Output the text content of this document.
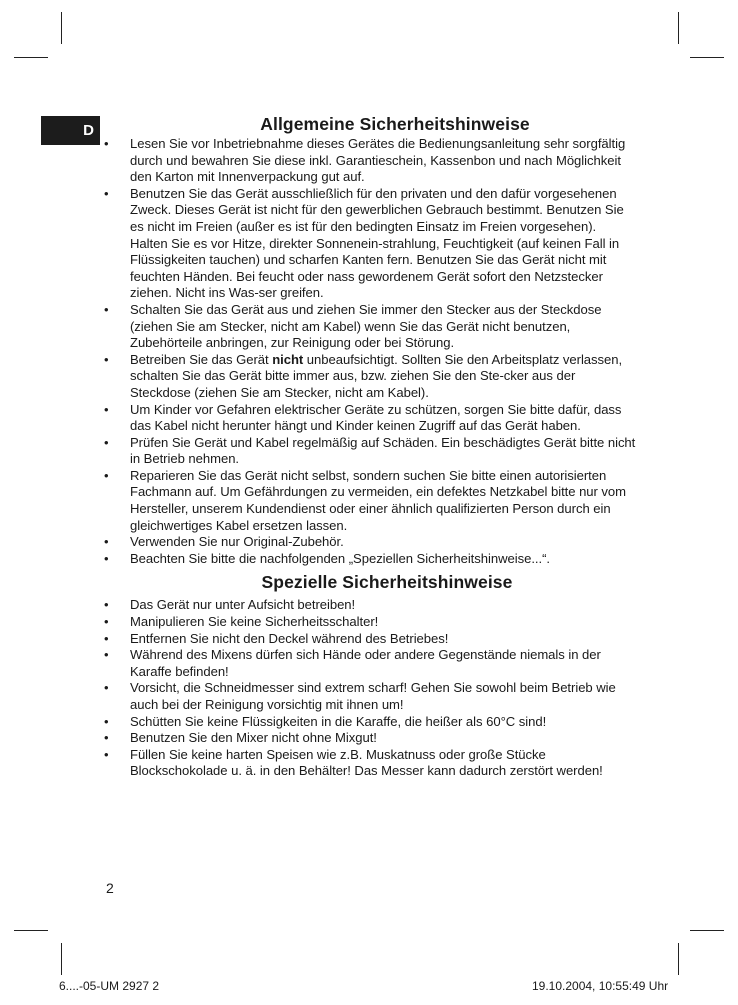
D	Allgemeine Sicherheitshinweise
• Lesen Sie vor Inbetriebnahme dieses Gerätes die Bedienungsanleitung sehr sorgfältig durch und bewahren Sie diese inkl. Garantieschein, Kassenbon und nach Möglichkeit den Karton mit Innenverpackung gut auf.
• Benutzen Sie das Gerät ausschließlich für den privaten und den dafür vorgesehenen Zweck. Dieses Gerät ist nicht für den gewerblichen Gebrauch bestimmt. Benutzen Sie es nicht im Freien (außer es ist für den bedingten Einsatz im Freien vorgesehen). Halten Sie es vor Hitze, direkter Sonnenein-strahlung, Feuchtigkeit (auf keinen Fall in Flüssigkeiten tauchen) und scharfen Kanten fern. Benutzen Sie das Gerät nicht mit feuchten Händen. Bei feucht oder nass gewordenem Gerät sofort den Netzstecker ziehen. Nicht ins Was-ser greifen.
• Schalten Sie das Gerät aus und ziehen Sie immer den Stecker aus der Steckdose (ziehen Sie am Stecker, nicht am Kabel) wenn Sie das Gerät nicht benutzen, Zubehörteile anbringen, zur Reinigung oder bei Störung.
• Betreiben Sie das Gerät nicht unbeaufsichtigt. Sollten Sie den Arbeitsplatz verlassen, schalten Sie das Gerät bitte immer aus, bzw. ziehen Sie den Ste-cker aus der Steckdose (ziehen Sie am Stecker, nicht am Kabel).
• Um Kinder vor Gefahren elektrischer Geräte zu schützen, sorgen Sie bitte dafür, dass das Kabel nicht herunter hängt und Kinder keinen Zugriff auf das Gerät haben.
• Prüfen Sie Gerät und Kabel regelmäßig auf Schäden. Ein beschädigtes Gerät bitte nicht in Betrieb nehmen.
• Reparieren Sie das Gerät nicht selbst, sondern suchen Sie bitte einen autorisierten Fachmann auf. Um Gefährdungen zu vermeiden, ein defektes Netzkabel bitte nur vom Hersteller, unserem Kundendienst oder einer ähnlich qualifizierten Person durch ein gleichwertiges Kabel ersetzen lassen.
• Verwenden Sie nur Original-Zubehör.
• Beachten Sie bitte die nachfolgenden „Speziellen Sicherheitshinweise...“.
Spezielle Sicherheitshinweise
• Das Gerät nur unter Aufsicht betreiben!
• Manipulieren Sie keine Sicherheitsschalter!
• Entfernen Sie nicht den Deckel während des Betriebes!
• Während des Mixens dürfen sich Hände oder andere Gegenstände niemals in der Karaffe befinden!
• Vorsicht, die Schneidmesser sind extrem scharf! Gehen Sie sowohl beim Betrieb wie auch bei der Reinigung vorsichtig mit ihnen um!
• Schütten Sie keine Flüssigkeiten in die Karaffe, die heißer als 60°C sind!
• Benutzen Sie den Mixer nicht ohne Mixgut!
• Füllen Sie keine harten Speisen wie z.B. Muskatnuss oder große Stücke Blockschokolade u. ä. in den Behälter! Das Messer kann dadurch zerstört werden!
2
6....-05-UM 2927 2	19.10.2004, 10:55:49 Uhr
